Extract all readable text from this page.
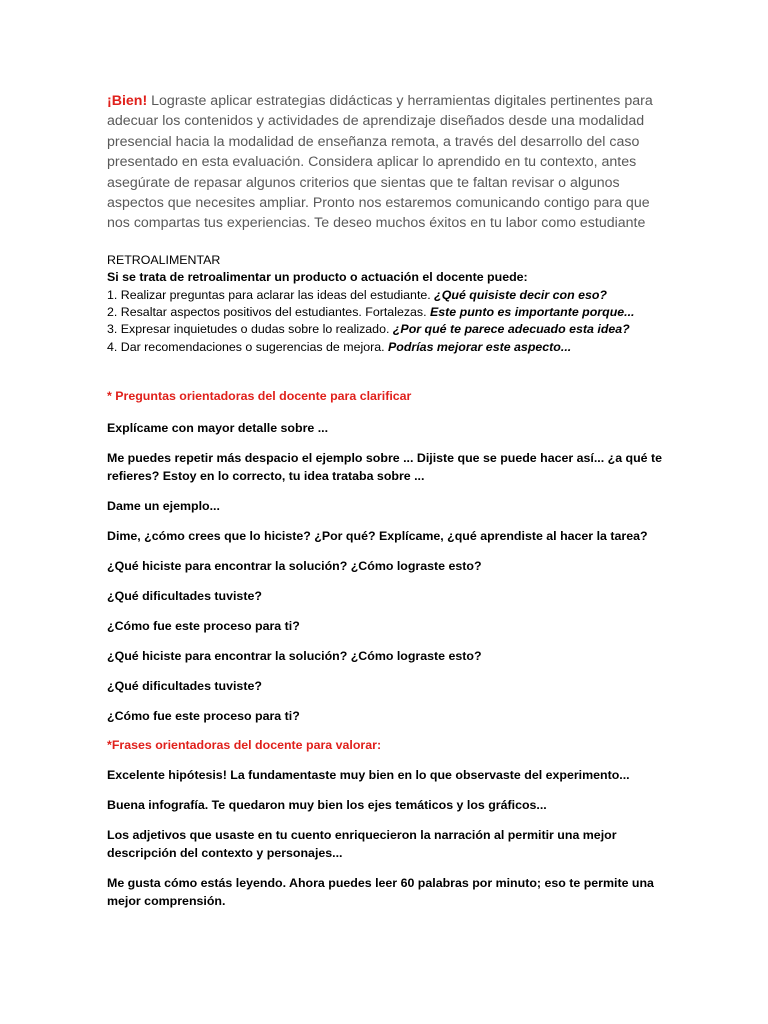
¡Bien! Lograste aplicar estrategias didácticas y herramientas digitales pertinentes para adecuar los contenidos y actividades de aprendizaje diseñados desde una modalidad presencial hacia la modalidad de enseñanza remota, a través del desarrollo del caso presentado en esta evaluación. Considera aplicar lo aprendido en tu contexto, antes asegúrate de repasar algunos criterios que sientas que te faltan revisar o algunos aspectos que necesites ampliar. Pronto nos estaremos comunicando contigo para que nos compartas tus experiencias. Te deseo muchos éxitos en tu labor como estudiante

RETROALIMENTAR
Si se trata de retroalimentar un producto o actuación el docente puede:
1. Realizar preguntas para aclarar las ideas del estudiante. ¿Qué quisiste decir con eso?
2. Resaltar aspectos positivos del estudiantes. Fortalezas. Este punto es importante porque...
3. Expresar inquietudes o dudas sobre lo realizado. ¿Por qué te parece adecuado esta idea?
4. Dar recomendaciones o sugerencias de mejora. Podrías mejorar este aspecto...

* Preguntas orientadoras del docente para clarificar

Explícame con mayor detalle sobre ...

Me puedes repetir más despacio el ejemplo sobre ... Dijiste que se puede hacer así... ¿a qué te refieres? Estoy en lo correcto, tu idea trataba sobre ...

Dame un ejemplo...

Dime, ¿cómo crees que lo hiciste? ¿Por qué? Explícame, ¿qué aprendiste al hacer la tarea?

¿Qué hiciste para encontrar la solución? ¿Cómo lograste esto?

¿Qué dificultades tuviste?

¿Cómo fue este proceso para ti?

¿Qué hiciste para encontrar la solución? ¿Cómo lograste esto?

¿Qué dificultades tuviste?

¿Cómo fue este proceso para ti?

*Frases orientadoras del docente para valorar:

Excelente hipótesis! La fundamentaste muy bien en lo que observaste del experimento...

Buena infografía. Te quedaron muy bien los ejes temáticos y los gráficos...

Los adjetivos que usaste en tu cuento enriquecieron la narración al permitir una mejor descripción del contexto y personajes...

Me gusta cómo estás leyendo. Ahora puedes leer 60 palabras por minuto; eso te permite una mejor comprensión.
